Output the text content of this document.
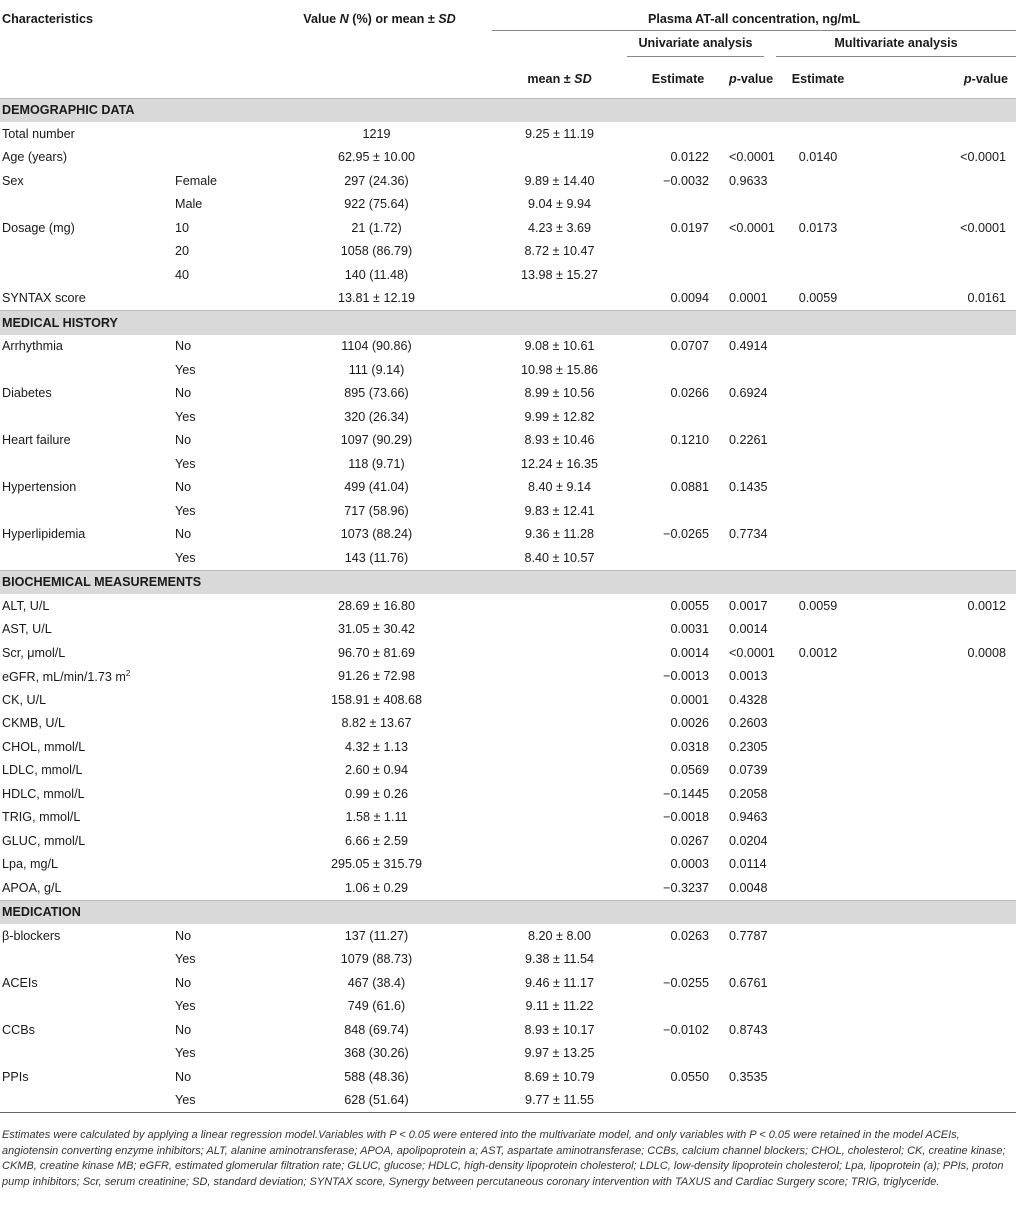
Characteristics		Value N (%) or mean ± SD	Plasma AT-all concentration, ng/mL				

				Univariate analysis		Multivariate analysis	

			mean ± SD	Estimate	p-value	Estimate	p-value
DEMOGRAPHIC DATA							
Total number		1219	9.25 ± 11.19				
Age (years)		62.95 ± 10.00		0.0122	<0.0001	0.0140	<0.0001
Sex	Female	297 (24.36)	9.89 ± 14.40	−0.0032	0.9633		
	Male	922 (75.64)	9.04 ± 9.94				
Dosage (mg)	10	21 (1.72)	4.23 ± 3.69	0.0197	<0.0001	0.0173	<0.0001
	20	1058 (86.79)	8.72 ± 10.47				
	40	140 (11.48)	13.98 ± 15.27				
SYNTAX score		13.81 ± 12.19		0.0094	0.0001	0.0059	0.0161
MEDICAL HISTORY							
Arrhythmia	No	1104 (90.86)	9.08 ± 10.61	0.0707	0.4914		
	Yes	111 (9.14)	10.98 ± 15.86				
Diabetes	No	895 (73.66)	8.99 ± 10.56	0.0266	0.6924		
	Yes	320 (26.34)	9.99 ± 12.82				
Heart failure	No	1097 (90.29)	8.93 ± 10.46	0.1210	0.2261		
	Yes	118 (9.71)	12.24 ± 16.35				
Hypertension	No	499 (41.04)	8.40 ± 9.14	0.0881	0.1435		
	Yes	717 (58.96)	9.83 ± 12.41				
Hyperlipidemia	No	1073 (88.24)	9.36 ± 11.28	−0.0265	0.7734		
	Yes	143 (11.76)	8.40 ± 10.57				
BIOCHEMICAL MEASUREMENTS							
ALT, U/L		28.69 ± 16.80		0.0055	0.0017	0.0059	0.0012
AST, U/L		31.05 ± 30.42		0.0031	0.0014		
Scr, μmol/L		96.70 ± 81.69		0.0014	<0.0001	0.0012	0.0008
eGFR, mL/min/1.73 $m^2$		91.26 ± 72.98		−0.0013	0.0013		
CK, U/L		158.91 ± 408.68		0.0001	0.4328		
CKMB, U/L		8.82 ± 13.67		0.0026	0.2603		
CHOL, mmol/L		4.32 ± 1.13		0.0318	0.2305		
LDLC, mmol/L		2.60 ± 0.94		0.0569	0.0739		
HDLC, mmol/L		0.99 ± 0.26		−0.1445	0.2058		
TRIG, mmol/L		1.58 ± 1.11		−0.0018	0.9463		
GLUC, mmol/L		6.66 ± 2.59		0.0267	0.0204		
Lpa, mg/L		295.05 ± 315.79		0.0003	0.0114		
APOA, g/L		1.06 ± 0.29		−0.3237	0.0048		
MEDICATION							
β-blockers	No	137 (11.27)	8.20 ± 8.00	0.0263	0.7787		
	Yes	1079 (88.73)	9.38 ± 11.54				
ACEIs	No	467 (38.4)	9.46 ± 11.17	−0.0255	0.6761		
	Yes	749 (61.6)	9.11 ± 11.22				
CCBs	No	848 (69.74)	8.93 ± 10.17	−0.0102	0.8743		
	Yes	368 (30.26)	9.97 ± 13.25				
PPIs	No	588 (48.36)	8.69 ± 10.79	0.0550	0.3535		
	Yes	628 (51.64)	9.77 ± 11.55				
Estimates were calculated by applying a linear regression model.Variables with P < 0.05 were entered into the multivariate model, and only variables with P < 0.05 were retained in the model ACEIs, angiotensin converting enzyme inhibitors; ALT, alanine aminotransferase; APOA, apolipoprotein a; AST, aspartate aminotransferase; CCBs, calcium channel blockers; CHOL, cholesterol; CK, creatine kinase; CKMB, creatine kinase MB; eGFR, estimated glomerular filtration rate; GLUC, glucose; HDLC, high-density lipoprotein cholesterol; LDLC, low-density lipoprotein cholesterol; Lpa, lipoprotein (a); PPIs, proton pump inhibitors; Scr, serum creatinine; SD, standard deviation; SYNTAX score, Synergy between percutaneous coronary intervention with TAXUS and Cardiac Surgery score; TRIG, triglyceride.
